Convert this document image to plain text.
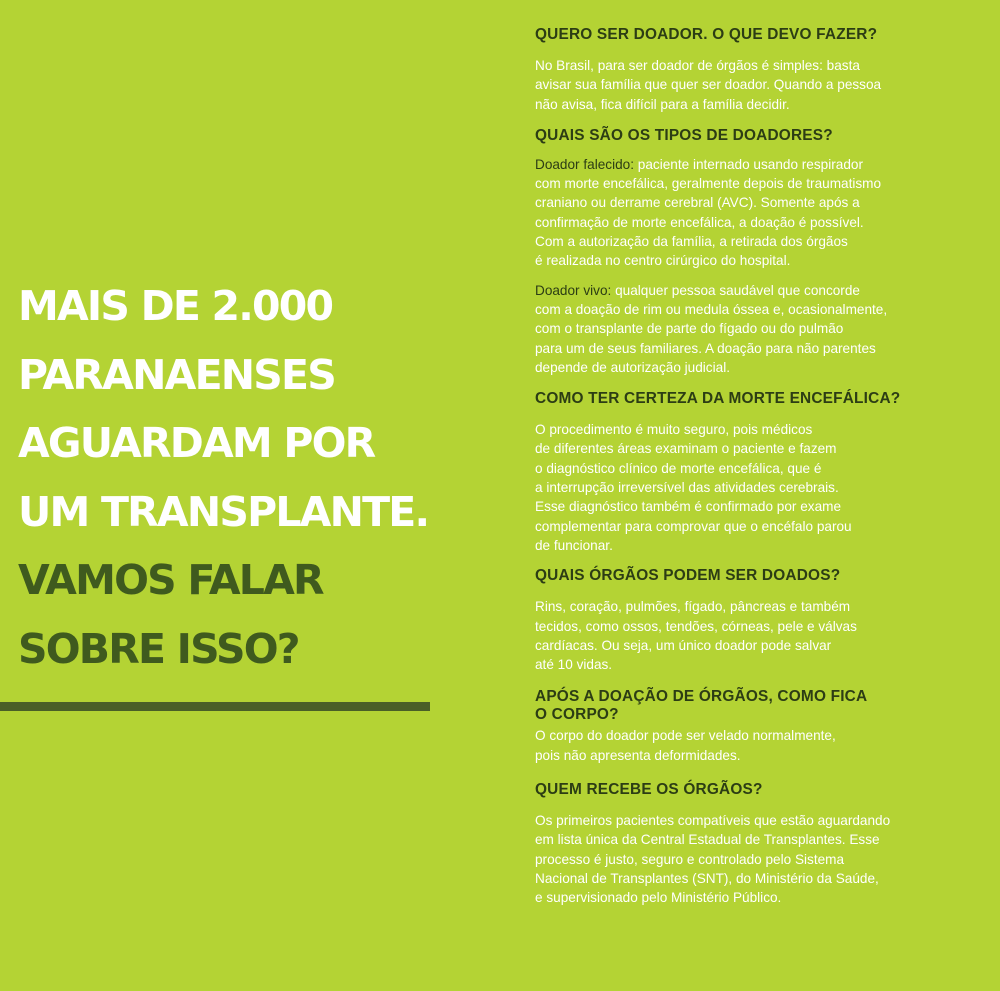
MAIS DE 2.000
PARANAENSES
AGUARDAM POR
UM TRANSPLANTE.
VAMOS FALAR
SOBRE ISSO?
QUERO SER DOADOR. O QUE DEVO FAZER?

No Brasil, para ser doador de órgãos é simples: basta
avisar sua família que quer ser doador. Quando a pessoa
não avisa, fica difícil para a família decidir.

QUAIS SÃO OS TIPOS DE DOADORES?

Doador falecido: paciente internado usando respirador
com morte encefálica, geralmente depois de traumatismo
craniano ou derrame cerebral (AVC). Somente após a
confirmação de morte encefálica, a doação é possível.
Com a autorização da família, a retirada dos órgãos
é realizada no centro cirúrgico do hospital.

Doador vivo: qualquer pessoa saudável que concorde
com a doação de rim ou medula óssea e, ocasionalmente,
com o transplante de parte do fígado ou do pulmão
para um de seus familiares. A doação para não parentes
depende de autorização judicial.

COMO TER CERTEZA DA MORTE ENCEFÁLICA?

O procedimento é muito seguro, pois médicos
de diferentes áreas examinam o paciente e fazem
o diagnóstico clínico de morte encefálica, que é
a interrupção irreversível das atividades cerebrais.
Esse diagnóstico também é confirmado por exame
complementar para comprovar que o encéfalo parou
de funcionar.

QUAIS ÓRGÃOS PODEM SER DOADOS?

Rins, coração, pulmões, fígado, pâncreas e também
tecidos, como ossos, tendões, córneas, pele e válvas
cardíacas. Ou seja, um único doador pode salvar
até 10 vidas.

APÓS A DOAÇÃO DE ÓRGÃOS, COMO FICA
O CORPO?

O corpo do doador pode ser velado normalmente,
pois não apresenta deformidades.

QUEM RECEBE OS ÓRGÃOS?

Os primeiros pacientes compatíveis que estão aguardando
em lista única da Central Estadual de Transplantes. Esse
processo é justo, seguro e controlado pelo Sistema
Nacional de Transplantes (SNT), do Ministério da Saúde,
e supervisionado pelo Ministério Público.
